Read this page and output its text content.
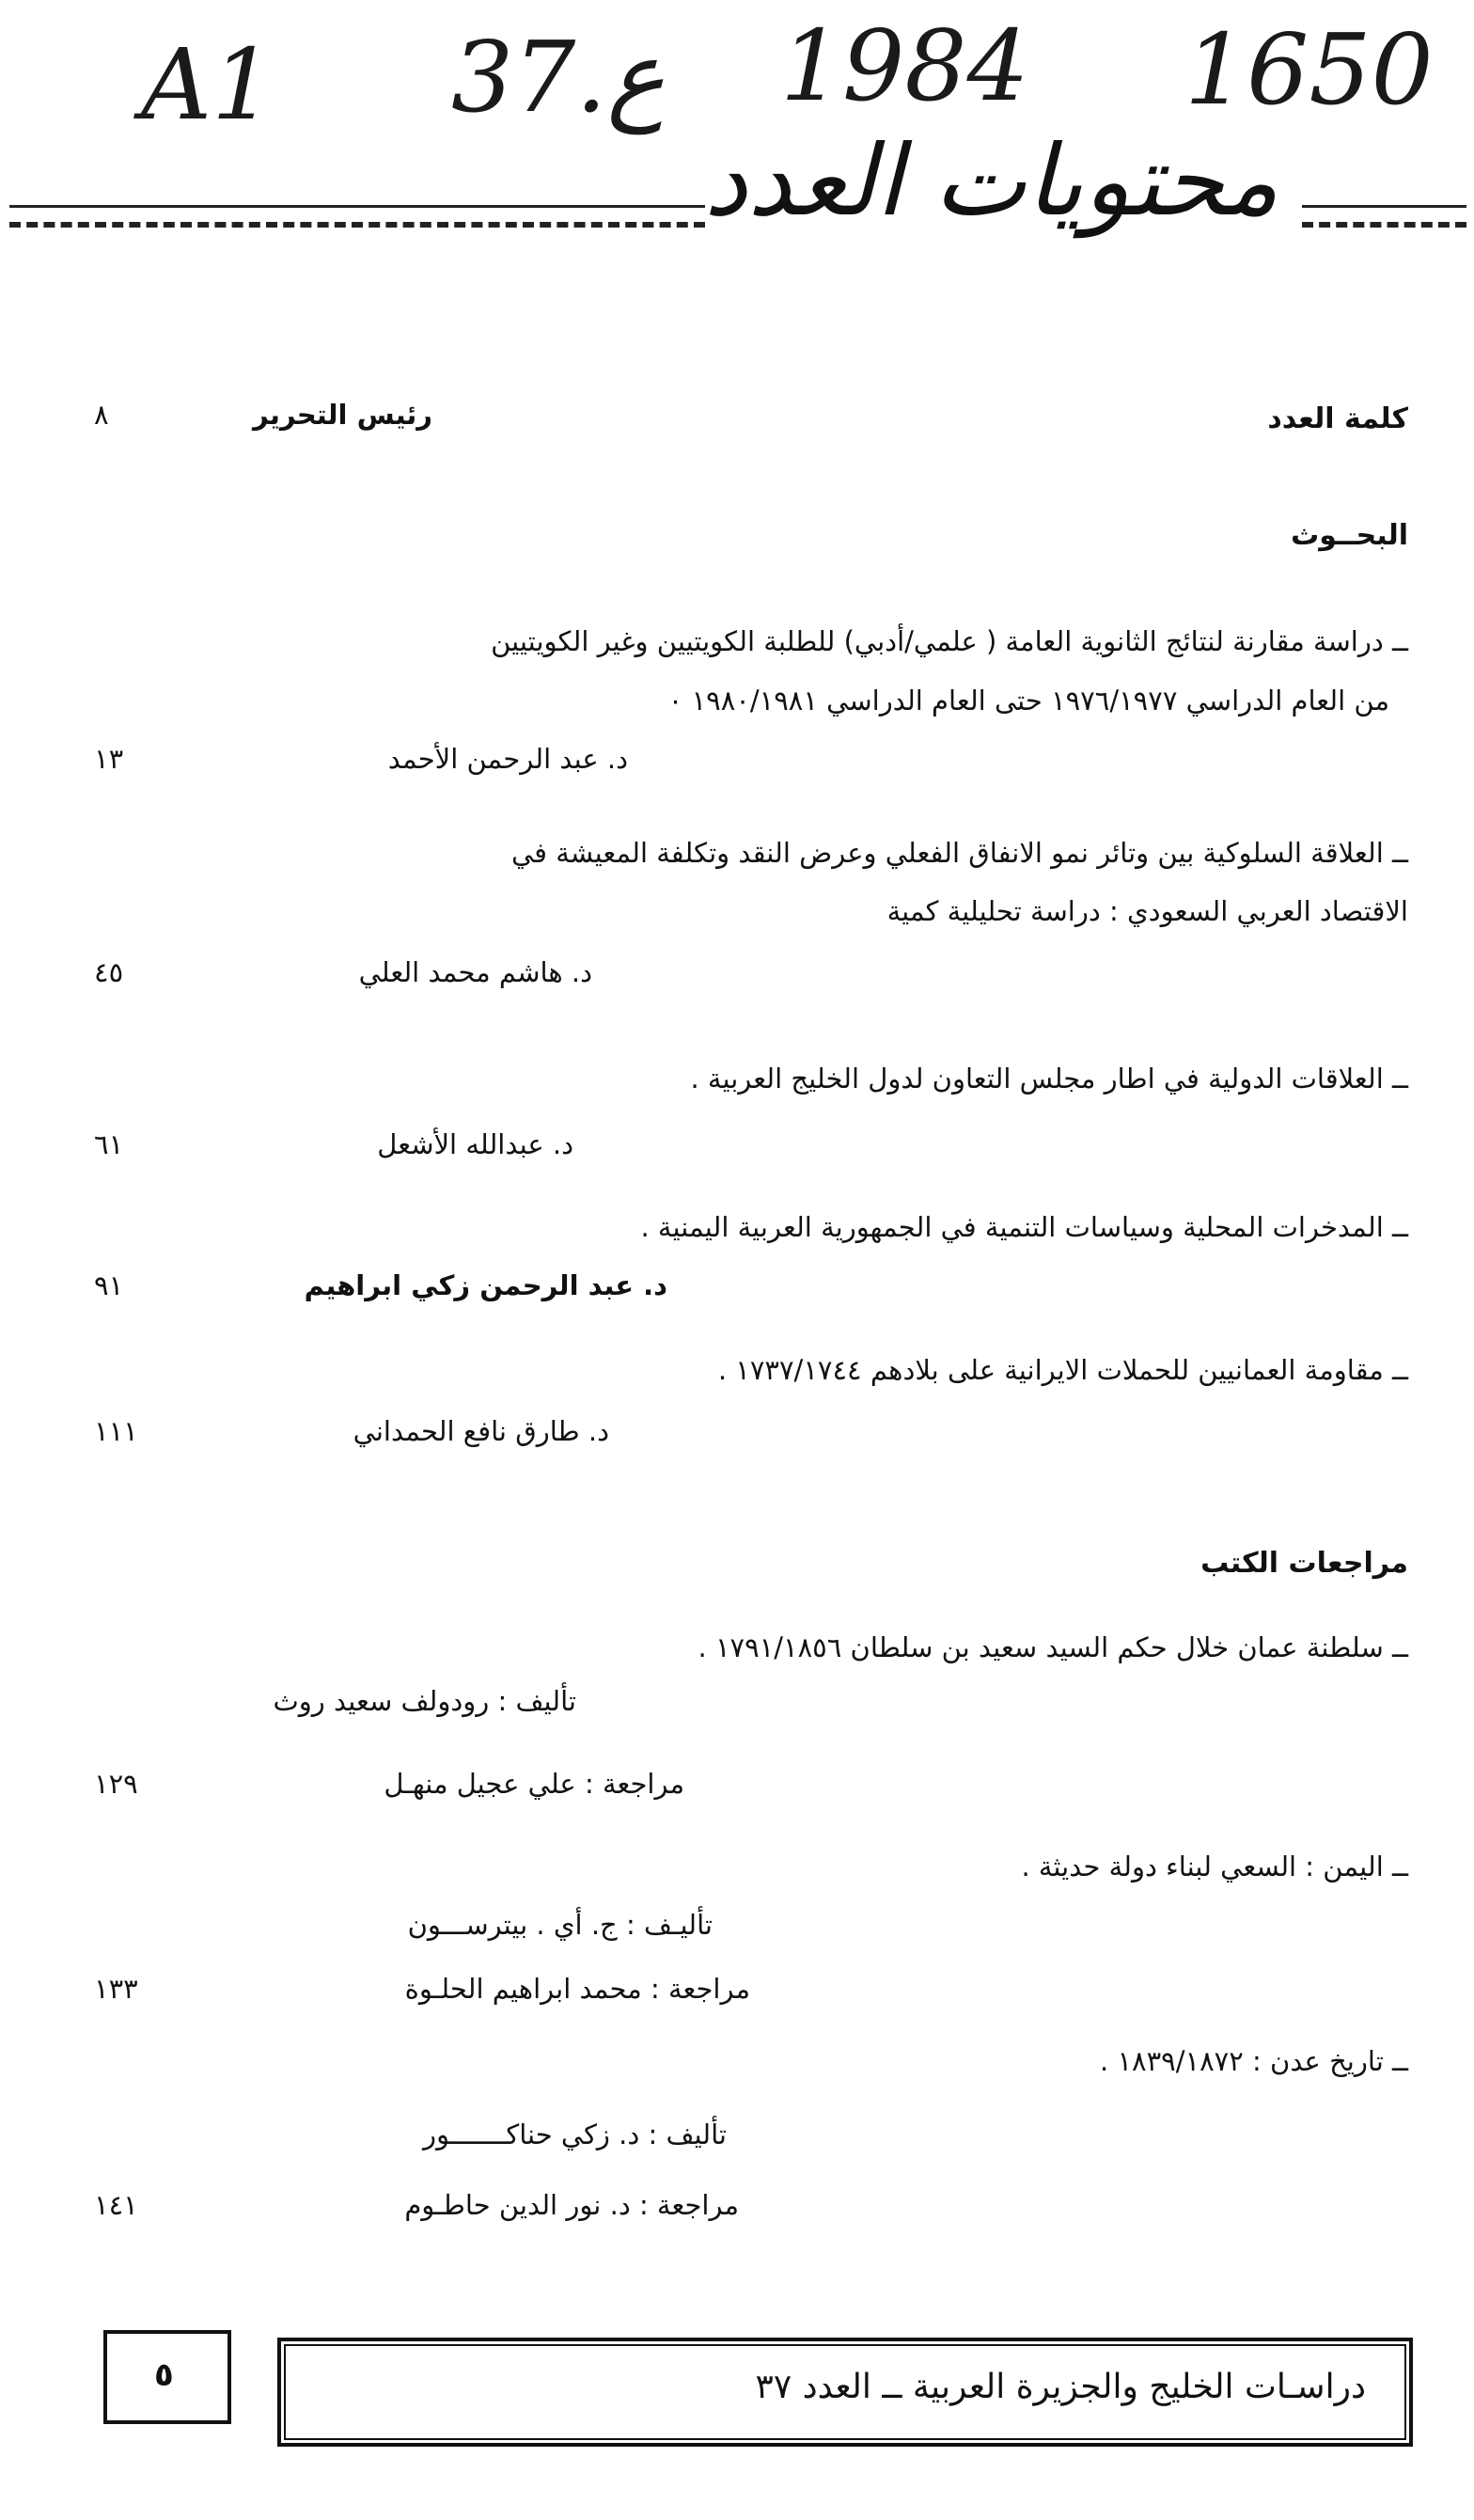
A1 37.ع 1984 1650
محتويات العدد
كلمة العدد
رئيس التحرير
٨
البحــوث
ــ دراسة مقارنة لنتائج الثانوية العامة ( علمي/أدبي) للطلبة الكويتيين وغير الكويتيين
من العام الدراسي ١٩٧٦/١٩٧٧ حتى العام الدراسي ١٩٨٠/١٩٨١ ٠
د. عبد الرحمن الأحمد
١٣
ــ العلاقة السلوكية بين وتائر نمو الانفاق الفعلي وعرض النقد وتكلفة المعيشة في
الاقتصاد العربي السعودي : دراسة تحليلية كمية
د. هاشم محمد العلي
٤٥
ــ العلاقات الدولية في اطار مجلس التعاون لدول الخليج العربية .
د. عبدالله الأشعل
٦١
ــ المدخرات المحلية وسياسات التنمية في الجمهورية العربية اليمنية .
د. عبد الرحمن زكي ابراهيم
٩١
ــ مقاومة العمانيين للحملات الايرانية على بلادهم ١٧٣٧/١٧٤٤ .
د. طارق نافع الحمداني
١١١
مراجعات الكتب
ــ سلطنة عمان خلال حكم السيد سعيد بن سلطان ١٧٩١/١٨٥٦ .
تأليف : رودولف سعيد روث
مراجعة : علي عجيل منهـل
١٢٩
ــ اليمن : السعي لبناء دولة حديثة .
تأليـف : ج. أي . بيترســـون
مراجعة : محمد ابراهيم الحلـوة
١٣٣
ــ تاريخ عدن : ١٨٣٩/١٨٧٢ .
تأليف : د. زكي حناكـــــــور
مراجعة : د. نور الدين حاطـوم
١٤١
٥	دراسـات الخليج والجزيرة العربية ــ العدد ٣٧
